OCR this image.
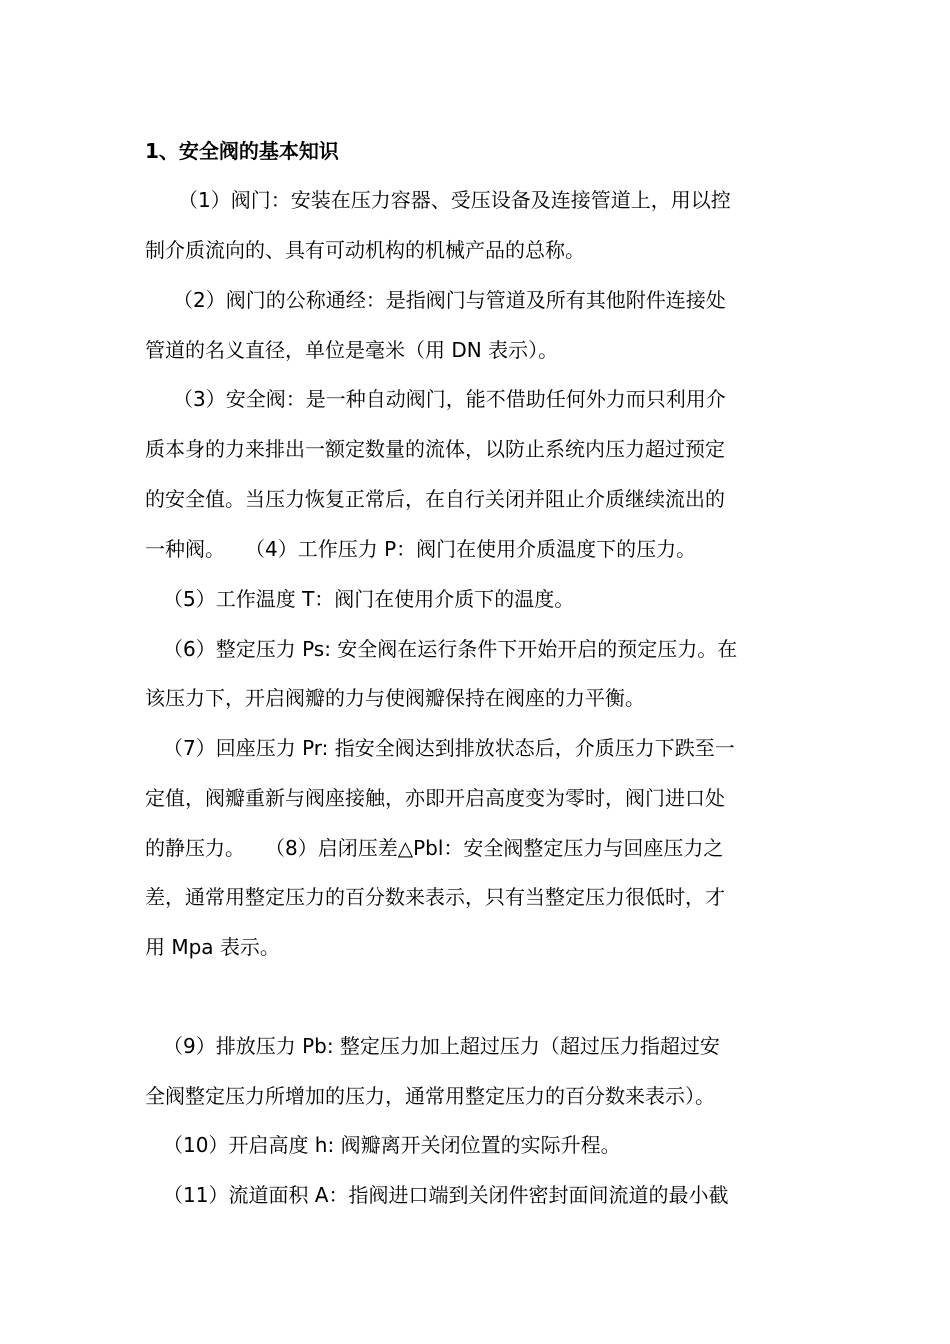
1、安全阀的基本知识
（1）阀门：安装在压力容器、受压设备及连接管道上，用以控
制介质流向的、具有可动机构的机械产品的总称。
（2）阀门的公称通经：是指阀门与管道及所有其他附件连接处
管道的名义直径，单位是毫米（用 DN 表示）。
（3）安全阀：是一种自动阀门，能不借助任何外力而只利用介
质本身的力来排出一额定数量的流体，以防止系统内压力超过预定
的安全值。当压力恢复正常后，在自行关闭并阻止介质继续流出的
一种阀。　　（4）工作压力 P：阀门在使用介质温度下的压力。
（5）工作温度 T：阀门在使用介质下的温度。
（6）整定压力 Ps: 安全阀在运行条件下开始开启的预定压力。在
该压力下，开启阀瓣的力与使阀瓣保持在阀座的力平衡。
（7）回座压力 Pr: 指安全阀达到排放状态后，介质压力下跌至一
定值，阀瓣重新与阀座接触，亦即开启高度变为零时，阀门进口处
的静压力。　　（8）启闭压差△Pbl：安全阀整定压力与回座压力之
差，通常用整定压力的百分数来表示，只有当整定压力很低时，才
用 Mpa 表示。
（9）排放压力 Pb: 整定压力加上超过压力（超过压力指超过安
全阀整定压力所增加的压力，通常用整定压力的百分数来表示）。
（10）开启高度 h: 阀瓣离开关闭位置的实际升程。
（11）流道面积 A：指阀进口端到关闭件密封面间流道的最小截
